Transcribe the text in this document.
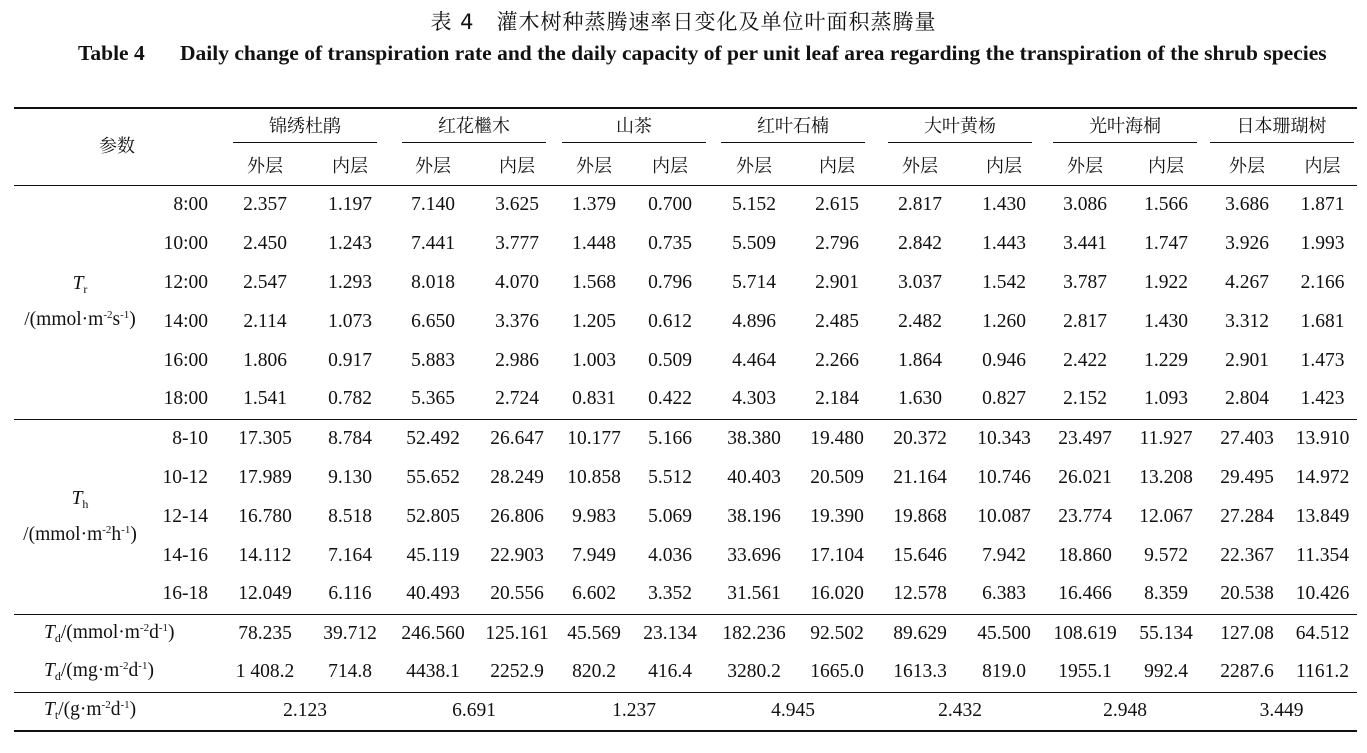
表 4　灌木树种蒸腾速率日变化及单位叶面积蒸腾量
Table 4 Daily change of transpiration rate and the daily capacity of per unit leaf area regarding the transpiration of the shrub species
参数		锦绣杜鹃		红花檵木		山茶		红叶石楠		大叶黄杨		光叶海桐		日本珊瑚树	
		外层	内层	外层	内层	外层	内层	外层	内层	外层	内层	外层	内层	外层	内层

$T_r$
$/(mmol\cdot m^{-2}s^{-1})$	8:00	2.357	1.197	7.140	3.625	1.379	0.700	5.152	2.615	2.817	1.430	3.086	1.566	3.686	1.871
	10:00	2.450	1.243	7.441	3.777	1.448	0.735	5.509	2.796	2.842	1.443	3.441	1.747	3.926	1.993
	12:00	2.547	1.293	8.018	4.070	1.568	0.796	5.714	2.901	3.037	1.542	3.787	1.922	4.267	2.166
	14:00	2.114	1.073	6.650	3.376	1.205	0.612	4.896	2.485	2.482	1.260	2.817	1.430	3.312	1.681
	16:00	1.806	0.917	5.883	2.986	1.003	0.509	4.464	2.266	1.864	0.946	2.422	1.229	2.901	1.473
	18:00	1.541	0.782	5.365	2.724	0.831	0.422	4.303	2.184	1.630	0.827	2.152	1.093	2.804	1.423

$T_h$
$/(mmol\cdot m^{-2}h^{-1})$	8-10	17.305	8.784	52.492	26.647	10.177	5.166	38.380	19.480	20.372	10.343	23.497	11.927	27.403	13.910
	10-12	17.989	9.130	55.652	28.249	10.858	5.512	40.403	20.509	21.164	10.746	26.021	13.208	29.495	14.972
	12-14	16.780	8.518	52.805	26.806	9.983	5.069	38.196	19.390	19.868	10.087	23.774	12.067	27.284	13.849
	14-16	14.112	7.164	45.119	22.903	7.949	4.036	33.696	17.104	15.646	7.942	18.860	9.572	22.367	11.354
	16-18	12.049	6.116	40.493	20.556	6.602	3.352	31.561	16.020	12.578	6.383	16.466	8.359	20.538	10.426
$T_d/(mmol\cdot m^{-2}d^{-1})$		78.235	39.712	246.560	125.161	45.569	23.134	182.236	92.502	89.629	45.500	108.619	55.134	127.08	64.512
$T_d/(mg\cdot m^{-2}d^{-1})$		1 408.2	714.8	4438.1	2252.9	820.2	416.4	3280.2	1665.0	1613.3	819.0	1955.1	992.4	2287.6	1161.2
$T_t/(g\cdot m^{-2}d^{-1})$		2.123		6.691		1.237		4.945		2.432		2.948		3.449	
